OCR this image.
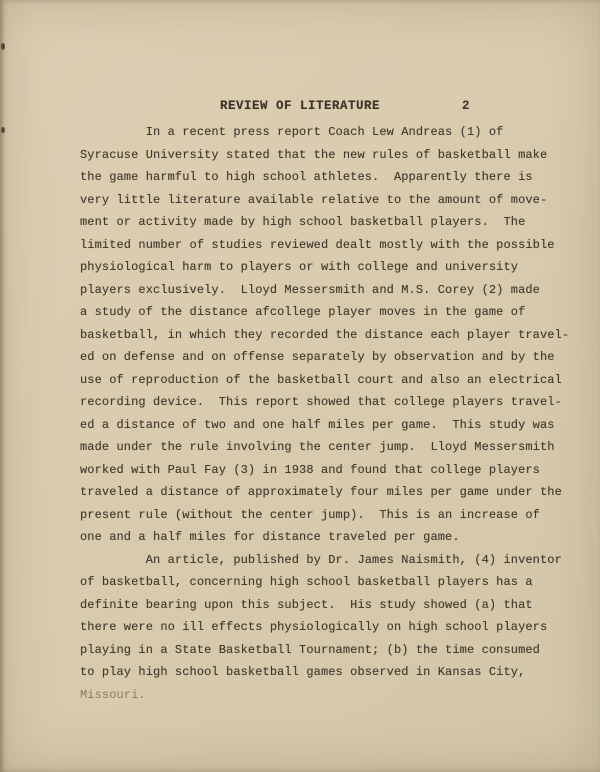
REVIEW OF LITERATURE	2
In a recent press report Coach Lew Andreas (1) of
Syracuse University stated that the new rules of basketball make
the game harmful to high school athletes.  Apparently there is
very little literature available relative to the amount of move-
ment or activity made by high school basketball players.  The
limited number of studies reviewed dealt mostly with the possible
physiological harm to players or with college and university
players exclusively.  Lloyd Messersmith and M.S. Corey (2) made
a study of the distance afcollege player moves in the game of
basketball, in which they recorded the distance each player travel-
ed on defense and on offense separately by observation and by the
use of reproduction of the basketball court and also an electrical
recording device.  This report showed that college players travel-
ed a distance of two and one half miles per game.  This study was
made under the rule involving the center jump.  Lloyd Messersmith
worked with Paul Fay (3) in 1938 and found that college players
traveled a distance of approximately four miles per game under the
present rule (without the center jump).  This is an increase of
one and a half miles for distance traveled per game.
An article, published by Dr. James Naismith, (4) inventor
of basketball, concerning high school basketball players has a
definite bearing upon this subject.  His study showed (a) that
there were no ill effects physiologically on high school players
playing in a State Basketball Tournament; (b) the time consumed
to play high school basketball games observed in Kansas City,
Missouri.
